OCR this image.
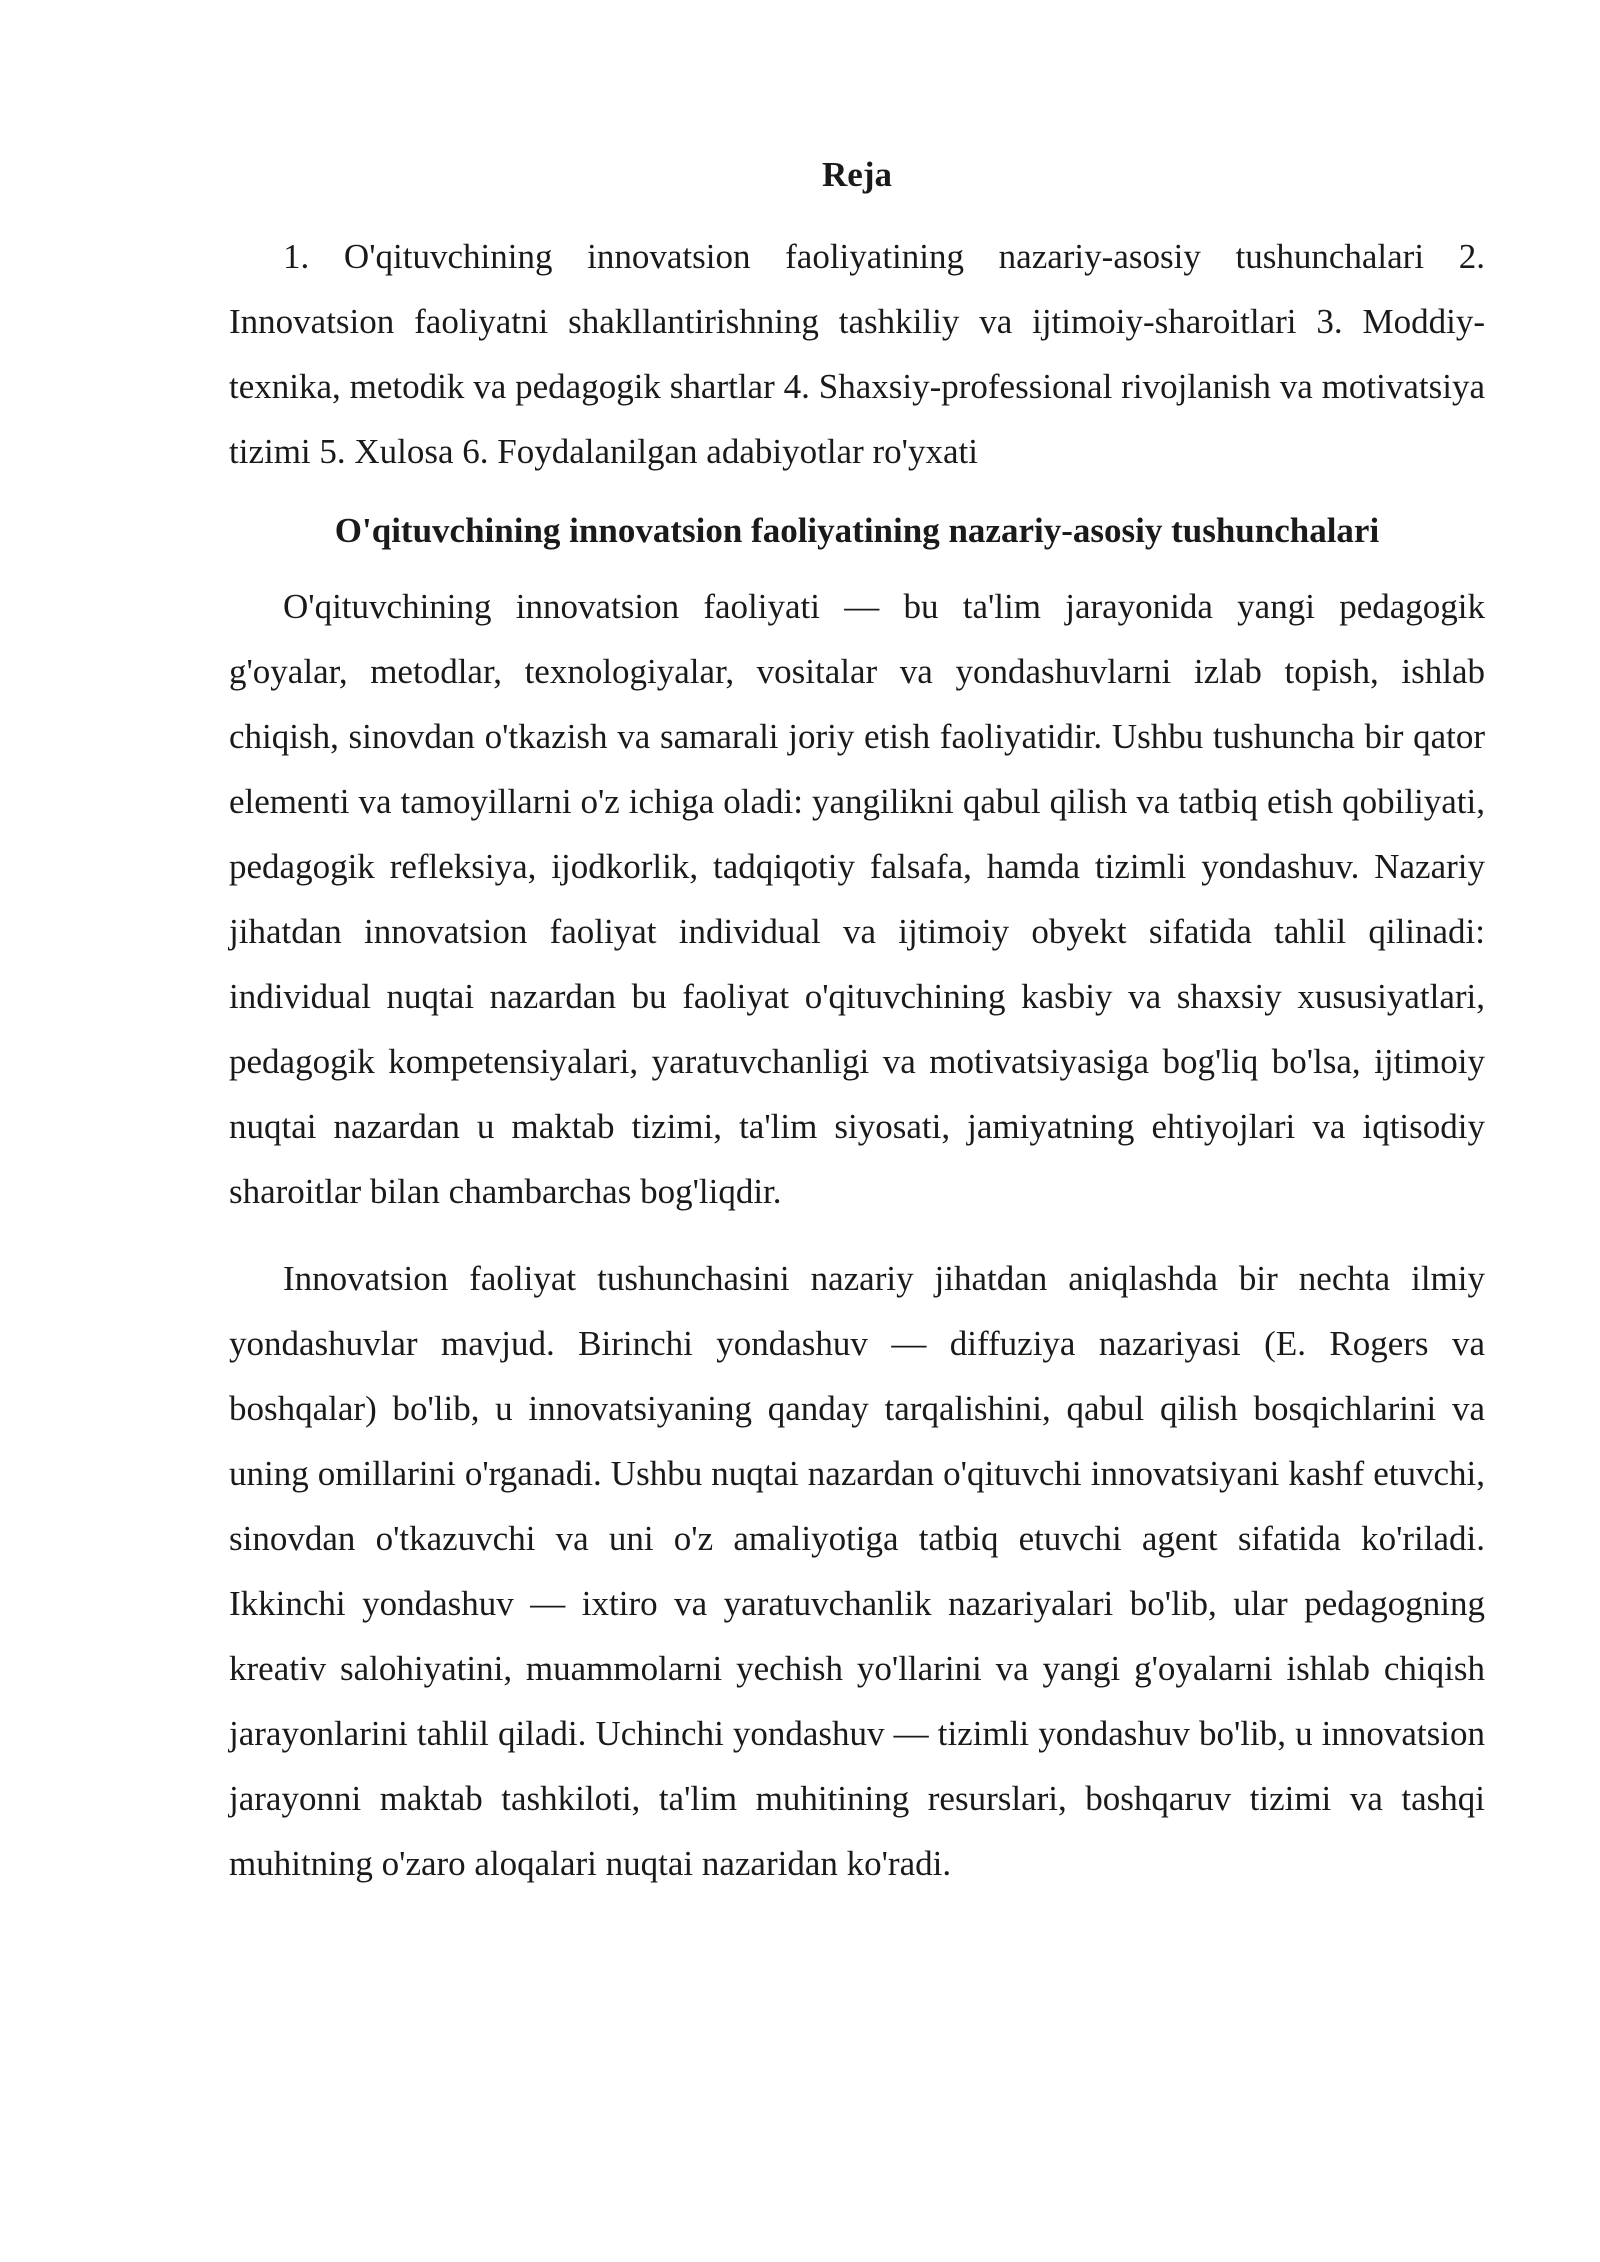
Reja

1. O'qituvchining innovatsion faoliyatining nazariy-asosiy tushunchalari 2. Innovatsion faoliyatni shakllantirishning tashkiliy va ijtimoiy-sharoitlari 3. Moddiy-texnika, metodik va pedagogik shartlar 4. Shaxsiy-professional rivojlanish va motivatsiya tizimi 5. Xulosa 6. Foydalanilgan adabiyotlar ro'yxati

O'qituvchining innovatsion faoliyatining nazariy-asosiy tushunchalari

O'qituvchining innovatsion faoliyati — bu ta'lim jarayonida yangi pedagogik g'oyalar, metodlar, texnologiyalar, vositalar va yondashuvlarni izlab topish, ishlab chiqish, sinovdan o'tkazish va samarali joriy etish faoliyatidir. Ushbu tushuncha bir qator elementi va tamoyillarni o'z ichiga oladi: yangilikni qabul qilish va tatbiq etish qobiliyati, pedagogik refleksiya, ijodkorlik, tadqiqotiy falsafa, hamda tizimli yondashuv. Nazariy jihatdan innovatsion faoliyat individual va ijtimoiy obyekt sifatida tahlil qilinadi: individual nuqtai nazardan bu faoliyat o'qituvchining kasbiy va shaxsiy xususiyatlari, pedagogik kompetensiyalari, yaratuvchanligi va motivatsiyasiga bog'liq bo'lsa, ijtimoiy nuqtai nazardan u maktab tizimi, ta'lim siyosati, jamiyatning ehtiyojlari va iqtisodiy sharoitlar bilan chambarchas bog'liqdir.

Innovatsion faoliyat tushunchasini nazariy jihatdan aniqlashda bir nechta ilmiy yondashuvlar mavjud. Birinchi yondashuv — diffuziya nazariyasi (E. Rogers va boshqalar) bo'lib, u innovatsiyaning qanday tarqalishini, qabul qilish bosqichlarini va uning omillarini o'rganadi. Ushbu nuqtai nazardan o'qituvchi innovatsiyani kashf etuvchi, sinovdan o'tkazuvchi va uni o'z amaliyotiga tatbiq etuvchi agent sifatida ko'riladi. Ikkinchi yondashuv — ixtiro va yaratuvchanlik nazariyalari bo'lib, ular pedagogning kreativ salohiyatini, muammolarni yechish yo'llarini va yangi g'oyalarni ishlab chiqish jarayonlarini tahlil qiladi. Uchinchi yondashuv — tizimli yondashuv bo'lib, u innovatsion jarayonni maktab tashkiloti, ta'lim muhitining resurslari, boshqaruv tizimi va tashqi muhitning o'zaro aloqalari nuqtai nazaridan ko'radi.
